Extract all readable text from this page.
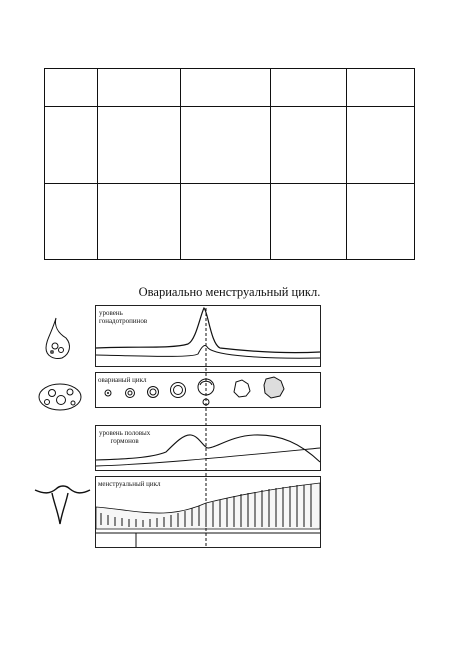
Овариально менструальный цикл.
уровень
гонадотропинов
оварианый цикл
уровень половых
гормонов
менструальный цикл
